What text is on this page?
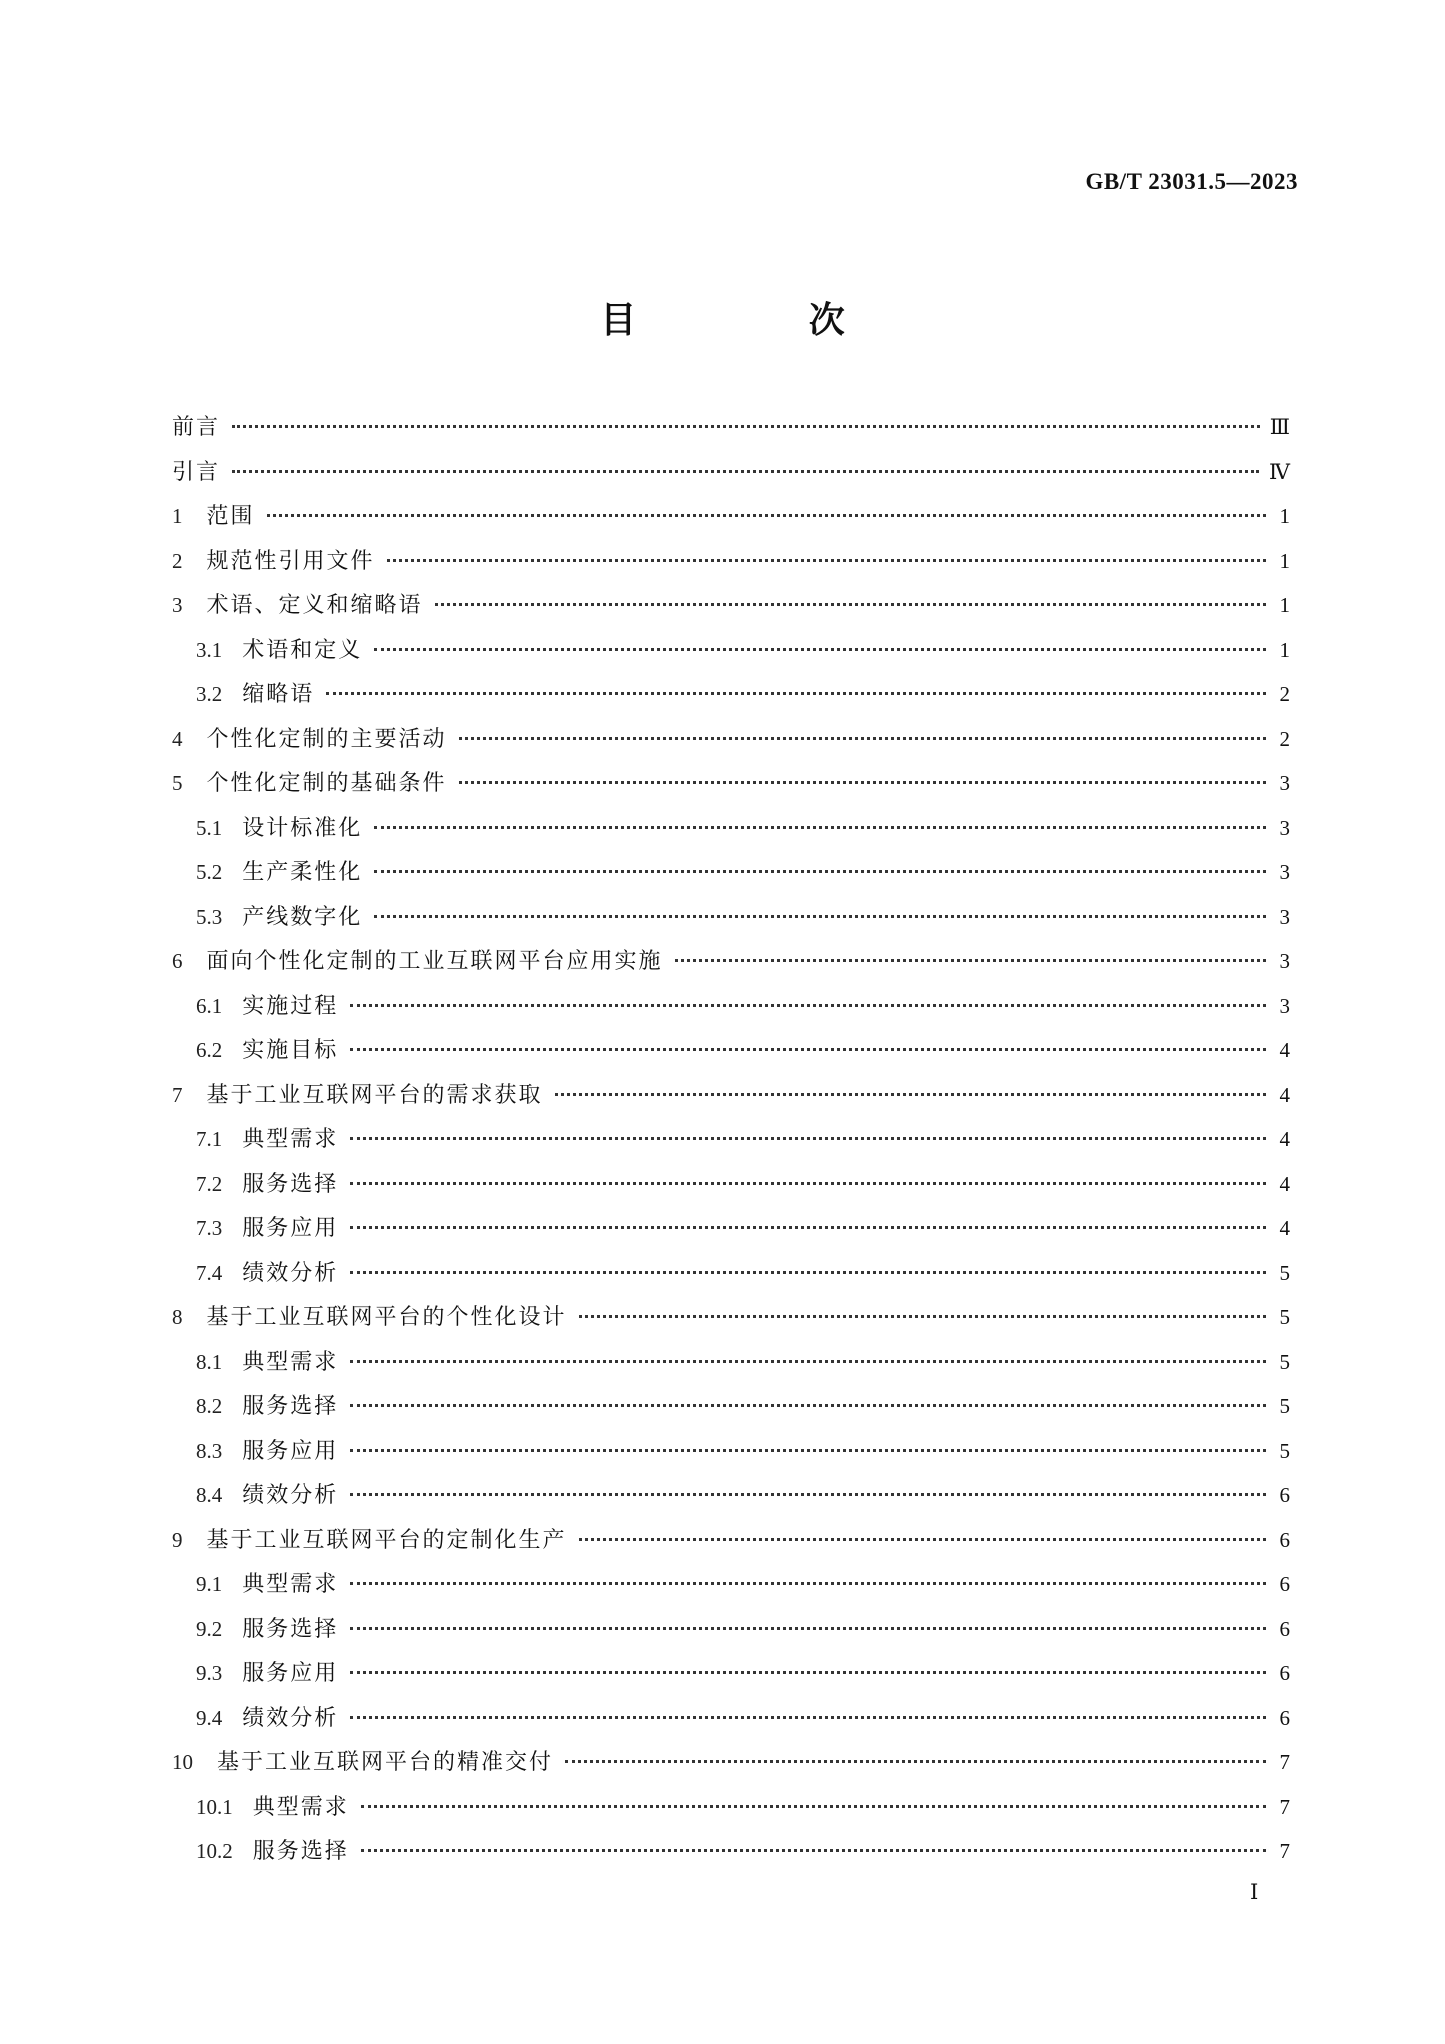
GB/T 23031.5—2023
目 次
前言	Ⅲ
引言	Ⅳ
1 范围	1
2 规范性引用文件	1
3 术语、定义和缩略语	1
3.1 术语和定义	1
3.2 缩略语	2
4 个性化定制的主要活动	2
5 个性化定制的基础条件	3
5.1 设计标准化	3
5.2 生产柔性化	3
5.3 产线数字化	3
6 面向个性化定制的工业互联网平台应用实施	3
6.1 实施过程	3
6.2 实施目标	4
7 基于工业互联网平台的需求获取	4
7.1 典型需求	4
7.2 服务选择	4
7.3 服务应用	4
7.4 绩效分析	5
8 基于工业互联网平台的个性化设计	5
8.1 典型需求	5
8.2 服务选择	5
8.3 服务应用	5
8.4 绩效分析	6
9 基于工业互联网平台的定制化生产	6
9.1 典型需求	6
9.2 服务选择	6
9.3 服务应用	6
9.4 绩效分析	6
10 基于工业互联网平台的精准交付	7
10.1 典型需求	7
10.2 服务选择	7
Ⅰ
